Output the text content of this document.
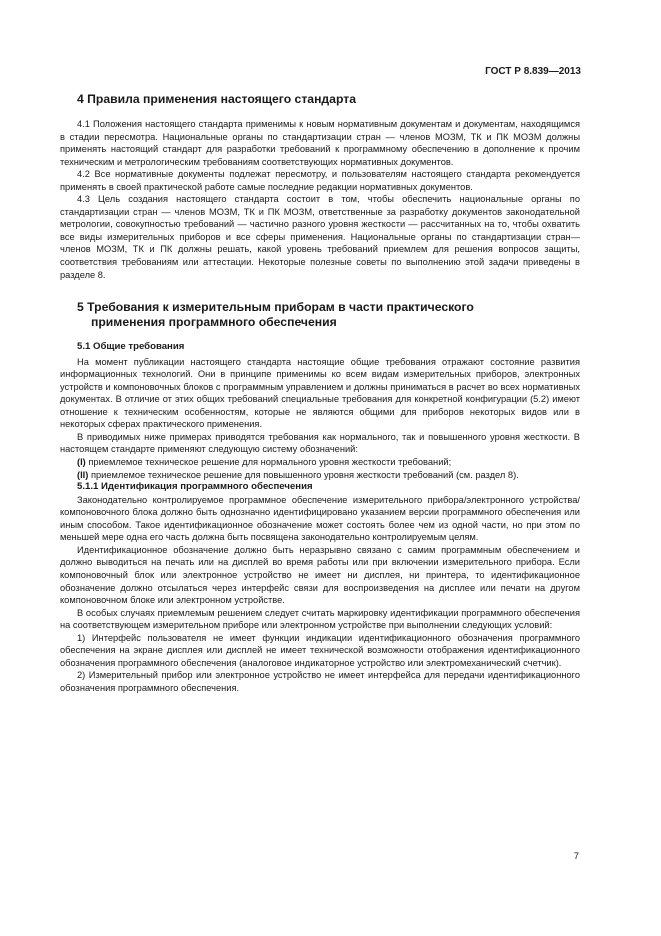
ГОСТ Р 8.839—2013
4 Правила применения настоящего стандарта

4.1 Положения настоящего стандарта применимы к новым нормативным документам и документам, находящимся в стадии пересмотра. Национальные органы по стандартизации стран — членов МОЗМ, ТК и ПК МОЗМ должны применять настоящий стандарт для разработки требований к программному обеспечению в дополнение к прочим техническим и метрологическим требованиям соответствующих нормативных документов.

4.2 Все нормативные документы подлежат пересмотру, и пользователям настоящего стандарта рекомендуется применять в своей практической работе самые последние редакции нормативных документов.

4.3 Цель создания настоящего стандарта состоит в том, чтобы обеспечить национальные органы по стандартизации стран — членов МОЗМ, ТК и ПК МОЗМ, ответственные за разработку документов законодательной метрологии, совокупностью требований — частично разного уровня жесткости — рассчитанных на то, чтобы охватить все виды измерительных приборов и все сферы применения. Национальные органы по стандартизации стран—членов МОЗМ, ТК и ПК должны решать, какой уровень требований приемлем для решения вопросов защиты, соответствия требованиям или аттестации. Некоторые полезные советы по выполнению этой задачи приведены в разделе 8.

5 Требования к измерительным приборам в части практического
применения программного обеспечения
5.1 Общие требования

На момент публикации настоящего стандарта настоящие общие требования отражают состояние развития информационных технологий. Они в принципе применимы ко всем видам измерительных приборов, электронных устройств и компоновочных блоков с программным управлением и должны приниматься в расчет во всех нормативных документах. В отличие от этих общих требований специальные требования для конкретной конфигурации (5.2) имеют отношение к техническим особенностям, которые не являются общими для приборов некоторых видов или в некоторых сферах практического применения.

В приводимых ниже примерах приводятся требования как нормального, так и повышенного уровня жесткости. В настоящем стандарте применяют следующую систему обозначений:

(I) приемлемое техническое решение для нормального уровня жесткости требований;

(II) приемлемое техническое решение для повышенного уровня жесткости требований (см. раздел 8).

5.1.1 Идентификация программного обеспечения

Законодательно контролируемое программное обеспечение измерительного прибора/электронного устройства/компоновочного блока должно быть однозначно идентифицировано указанием версии программного обеспечения или иным способом. Такое идентификационное обозначение может состоять более чем из одной части, но при этом по меньшей мере одна его часть должна быть посвящена законодательно контролируемым целям.

Идентификационное обозначение должно быть неразрывно связано с самим программным обеспечением и должно выводиться на печать или на дисплей во время работы или при включении измерительного прибора. Если компоновочный блок или электронное устройство не имеет ни дисплея, ни принтера, то идентификационное обозначение должно отсылаться через интерфейс связи для воспроизведения на дисплее или печати на другом компоновочном блоке или электронном устройстве.

В особых случаях приемлемым решением следует считать маркировку идентификации программного обеспечения на соответствующем измерительном приборе или электронном устройстве при выполнении следующих условий:

1) Интерфейс пользователя не имеет функции индикации идентификационного обозначения программного обеспечения на экране дисплея или дисплей не имеет технической возможности отображения идентификационного обозначения программного обеспечения (аналоговое индикаторное устройство или электромеханический счетчик).

2) Измерительный прибор или электронное устройство не имеет интерфейса для передачи идентификационного обозначения программного обеспечения.

7
